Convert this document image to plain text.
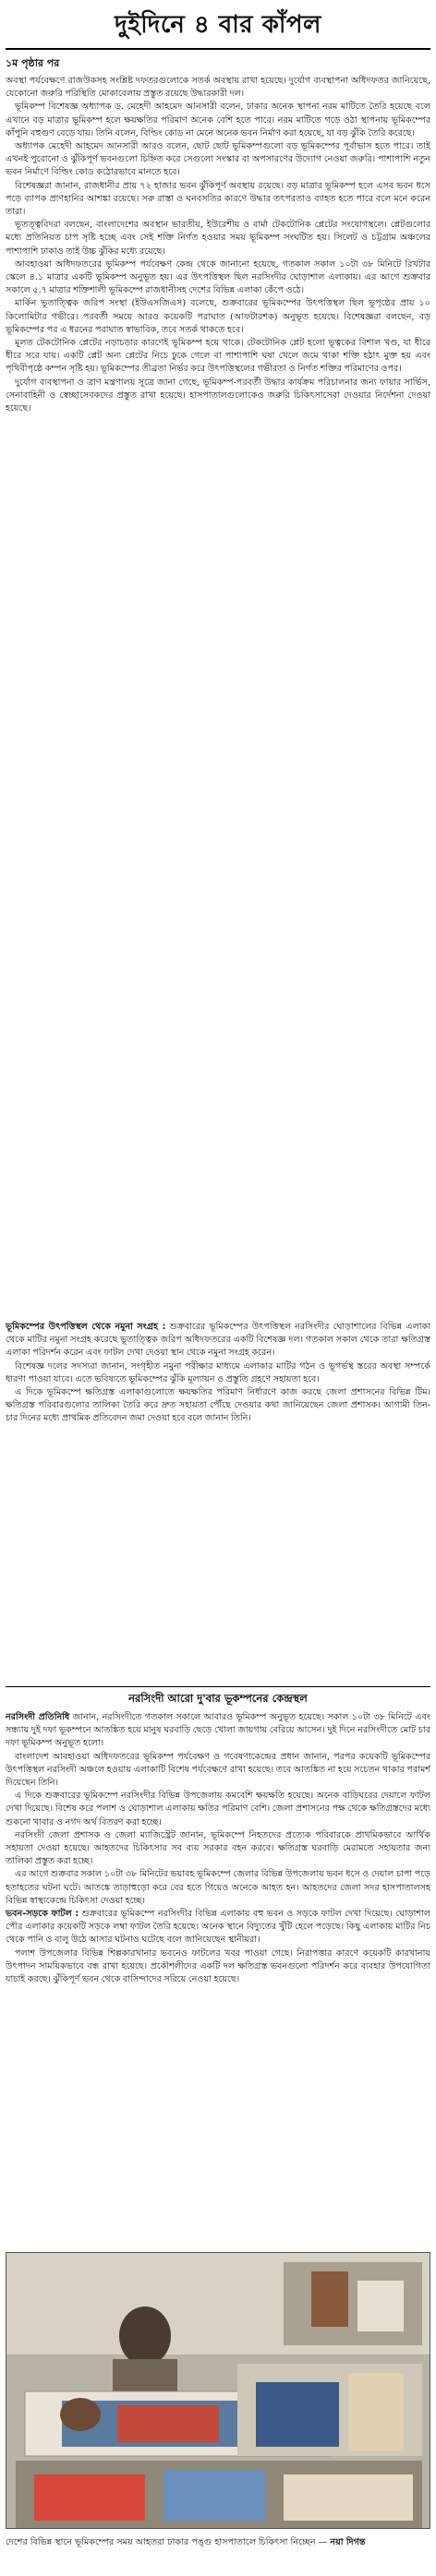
দুইদিনে ৪ বার কাঁপল
১ম পৃষ্ঠার পর

অবস্থা পর্যবেক্ষণে রাজউকসহ সংশ্লিষ্ট দফতরগুলোকে সতর্ক অবস্থায় রাখা হয়েছে। দুর্যোগ ব্যবস্থাপনা অধিদফতর জানিয়েছে, যেকোনো জরুরি পরিস্থিতি মোকাবেলায় প্রস্তুত রয়েছে উদ্ধারকারী দল।

ভূমিকম্প বিশেষজ্ঞ অধ্যাপক ড. মেহেদী আহমেদ আনসারী বলেন, ঢাকার অনেক স্থাপনা নরম মাটিতে তৈরি হয়েছে বলে এখানে বড় মাত্রার ভূমিকম্প হলে ক্ষয়ক্ষতির পরিমাণ অনেক বেশি হতে পারে। নরম মাটিতে গড়ে ওঠা স্থাপনায় ভূমিকম্পের কাঁপুনি বহুগুণ বেড়ে যায়। তিনি বলেন, বিল্ডিং কোড না মেনে অনেক ভবন নির্মাণ করা হয়েছে, যা বড় ঝুঁকি তৈরি করেছে।

অধ্যাপক মেহেদী আহমেদ আনসারী আরও বলেন, ছোট ছোট ভূমিকম্পগুলো বড় ভূমিকম্পের পূর্বাভাস হতে পারে। তাই এখনই পুরোনো ও ঝুঁকিপূর্ণ ভবনগুলো চিহ্নিত করে সেগুলো সংস্কার বা অপসারণের উদ্যোগ নেওয়া জরুরি। পাশাপাশি নতুন ভবন নির্মাণে বিল্ডিং কোড কঠোরভাবে মানতে হবে।

বিশেষজ্ঞরা জানান, রাজধানীর প্রায় ৭২ হাজার ভবন ঝুঁকিপূর্ণ অবস্থায় রয়েছে। বড় মাত্রার ভূমিকম্প হলে এসব ভবন ধসে পড়ে ব্যাপক প্রাণহানির আশঙ্কা রয়েছে। সরু রাস্তা ও ঘনবসতির কারণে উদ্ধার তৎপরতাও ব্যাহত হতে পারে বলে মনে করেন তারা।

ভূতত্ত্ববিদরা বলছেন, বাংলাদেশের অবস্থান ভারতীয়, ইউরেশীয় ও বার্মা টেকটোনিক প্লেটের সংযোগস্থলে। প্লেটগুলোর মধ্যে প্রতিনিয়ত চাপ সৃষ্টি হচ্ছে এবং সেই শক্তি নির্গত হওয়ার সময় ভূমিকম্প সংঘটিত হয়। সিলেট ও চট্টগ্রাম অঞ্চলের পাশাপাশি ঢাকাও তাই উচ্চ ঝুঁকির মধ্যে রয়েছে।

আবহাওয়া অধিদফতরের ভূমিকম্প পর্যবেক্ষণ কেন্দ্র থেকে জানানো হয়েছে, গতকাল সকাল ১০টা ৩৮ মিনিটে রিখটার স্কেলে ৪.১ মাত্রার একটি ভূমিকম্প অনুভূত হয়। এর উৎপত্তিস্থল ছিল নরসিংদীর ঘোড়াশাল এলাকায়। এর আগে শুক্রবার সকালে ৫.৭ মাত্রার শক্তিশালী ভূমিকম্পে রাজধানীসহ দেশের বিভিন্ন এলাকা কেঁপে ওঠে।

মার্কিন ভূতাত্ত্বিক জরিপ সংস্থা (ইউএসজিএস) বলেছে, শুক্রবারের ভূমিকম্পের উৎপত্তিস্থল ছিল ভূপৃষ্ঠের প্রায় ১০ কিলোমিটার গভীরে। পরবর্তী সময়ে আরও কয়েকটি পরাঘাত (আফটারশক) অনুভূত হয়েছে। বিশেষজ্ঞরা বলছেন, বড় ভূমিকম্পের পর এ ধরনের পরাঘাত স্বাভাবিক, তবে সতর্ক থাকতে হবে।

মূলত টেকটোনিক প্লেটের নড়াচড়ার কারণেই ভূমিকম্প হয়ে থাকে। টেকটোনিক প্লেট হলো ভূত্বকের বিশাল খণ্ড, যা ধীরে ধীরে সরে যায়। একটি প্লেট অন্য প্লেটের নিচে ঢুকে গেলে বা পাশাপাশি ঘষা খেলে জমে থাকা শক্তি হঠাৎ মুক্ত হয় এবং পৃথিবীপৃষ্ঠে কম্পন সৃষ্টি হয়। ভূমিকম্পের তীব্রতা নির্ভর করে উৎপত্তিস্থলের গভীরতা ও নির্গত শক্তির পরিমাণের ওপর।

দুর্যোগ ব্যবস্থাপনা ও ত্রাণ মন্ত্রণালয় সূত্রে জানা গেছে, ভূমিকম্প-পরবর্তী উদ্ধার কার্যক্রম পরিচালনার জন্য ফায়ার সার্ভিস, সেনাবাহিনী ও স্বেচ্ছাসেবকদের প্রস্তুত রাখা হয়েছে। হাসপাতালগুলোকেও জরুরি চিকিৎসাসেবা দেওয়ার নির্দেশনা দেওয়া হয়েছে।

ভূমিকম্পের উৎপত্তিস্থল থেকে নমুনা সংগ্রহ : শুক্রবারের ভূমিকম্পের উৎপত্তিস্থল নরসিংদীর ঘোড়াশালের বিভিন্ন এলাকা থেকে মাটির নমুনা সংগ্রহ করেছে ভূতাত্ত্বিক জরিপ অধিদফতরের একটি বিশেষজ্ঞ দল। গতকাল সকাল থেকে তারা ক্ষতিগ্রস্ত এলাকা পরিদর্শন করেন এবং ফাটল দেখা দেওয়া স্থান থেকে নমুনা সংগ্রহ করেন।

বিশেষজ্ঞ দলের সদস্যরা জানান, সংগৃহীত নমুনা পরীক্ষার মাধ্যমে এলাকার মাটির গঠন ও ভূগর্ভস্থ স্তরের অবস্থা সম্পর্কে ধারণা পাওয়া যাবে। এতে ভবিষ্যতে ভূমিকম্পের ঝুঁকি মূল্যায়ন ও প্রস্তুতি গ্রহণে সহায়তা হবে।

এ দিকে ভূমিকম্পে ক্ষতিগ্রস্ত এলাকাগুলোতে ক্ষয়ক্ষতির পরিমাণ নির্ধারণে কাজ করছে জেলা প্রশাসনের বিভিন্ন টিম। ক্ষতিগ্রস্ত পরিবারগুলোর তালিকা তৈরি করে দ্রুত সহায়তা পৌঁছে দেওয়ার কথা জানিয়েছেন জেলা প্রশাসক। আগামী তিন-চার দিনের মধ্যে প্রাথমিক প্রতিবেদন জমা দেওয়া হবে বলে জানান তিনি।

নরসিংদী আরো দু'বার ভূকম্পনের কেন্দ্রস্থল

নরসিংদী প্রতিনিধি জানান, নরসিংদীতে গতকাল সকালে আবারও ভূমিকম্প অনুভূত হয়েছে। সকাল ১০টা ৩৮ মিনিটে এবং সন্ধ্যায় দুই দফা ভূকম্পনে আতঙ্কিত হয়ে মানুষ ঘরবাড়ি ছেড়ে খোলা জায়গায় বেরিয়ে আসেন। দুই দিনে নরসিংদীতে মোট চার দফা ভূমিকম্প অনুভূত হলো।

বাংলাদেশ আবহাওয়া অধিদফতরের ভূমিকম্প পর্যবেক্ষণ ও গবেষণাকেন্দ্রের প্রধান জানান, পরপর কয়েকটি ভূমিকম্পের উৎপত্তিস্থল নরসিংদী অঞ্চলে হওয়ায় এলাকাটি বিশেষ পর্যবেক্ষণে রাখা হয়েছে। তবে আতঙ্কিত না হয়ে সচেতন থাকার পরামর্শ দিয়েছেন তিনি।

এ দিকে শুক্রবারের ভূমিকম্পে নরসিংদীর বিভিন্ন উপজেলায় কমবেশি ক্ষয়ক্ষতি হয়েছে। অনেক বাড়িঘরের দেয়ালে ফাটল দেখা দিয়েছে। বিশেষ করে পলাশ ও ঘোড়াশাল এলাকায় ক্ষতির পরিমাণ বেশি। জেলা প্রশাসনের পক্ষ থেকে ক্ষতিগ্রস্তদের মধ্যে শুকনো খাবার ও নগদ অর্থ বিতরণ করা হচ্ছে।

নরসিংদী জেলা প্রশাসক ও জেলা ম্যাজিস্ট্রেট জানান, ভূমিকম্পে নিহতদের প্রত্যেক পরিবারকে প্রাথমিকভাবে আর্থিক সহায়তা দেওয়া হয়েছে। আহতদের চিকিৎসার সব ব্যয় সরকার বহন করবে। ক্ষতিগ্রস্ত ঘরবাড়ি মেরামতে সহায়তার জন্য তালিকা প্রস্তুত করা হচ্ছে।

এর আগে শুক্রবার সকাল ১০টা ৩৮ মিনিটের ভয়াবহ ভূমিকম্পে জেলার বিভিন্ন উপজেলায় ভবন ধসে ও দেয়াল চাপা পড়ে হতাহতের ঘটনা ঘটে। আতঙ্কে তাড়াহুড়ো করে বের হতে গিয়েও অনেকে আহত হন। আহতদের জেলা সদর হাসপাতালসহ বিভিন্ন স্বাস্থ্যকেন্দ্রে চিকিৎসা দেওয়া হচ্ছে।

ভবন-সড়কে ফাটল : শুক্রবারের ভূমিকম্পে নরসিংদীর বিভিন্ন এলাকায় বহু ভবন ও সড়কে ফাটল দেখা দিয়েছে। ঘোড়াশাল পৌর এলাকার কয়েকটি সড়কে লম্বা ফাটল তৈরি হয়েছে। অনেক স্থানে বিদ্যুতের খুঁটি হেলে পড়েছে। কিছু এলাকায় মাটির নিচ থেকে পানি ও বালু উঠে আসার ঘটনাও ঘটেছে বলে জানিয়েছেন স্থানীয়রা।

পলাশ উপজেলার বিভিন্ন শিল্পকারখানার ভবনেও ফাটলের খবর পাওয়া গেছে। নিরাপত্তার কারণে কয়েকটি কারখানায় উৎপাদন সাময়িকভাবে বন্ধ রাখা হয়েছে। প্রকৌশলীদের একটি দল ক্ষতিগ্রস্ত ভবনগুলো পরিদর্শন করে ব্যবহার উপযোগিতা যাচাই করছে। ঝুঁকিপূর্ণ ভবন থেকে বাসিন্দাদের সরিয়ে নেওয়া হয়েছে।

দেশের বিভিন্ন স্থানে ভূমিকম্পের সময় আহতরা ঢাকার পঙ্গু হাসপাতালে চিকিৎসা নিচ্ছেন — নয়া দিগন্ত
